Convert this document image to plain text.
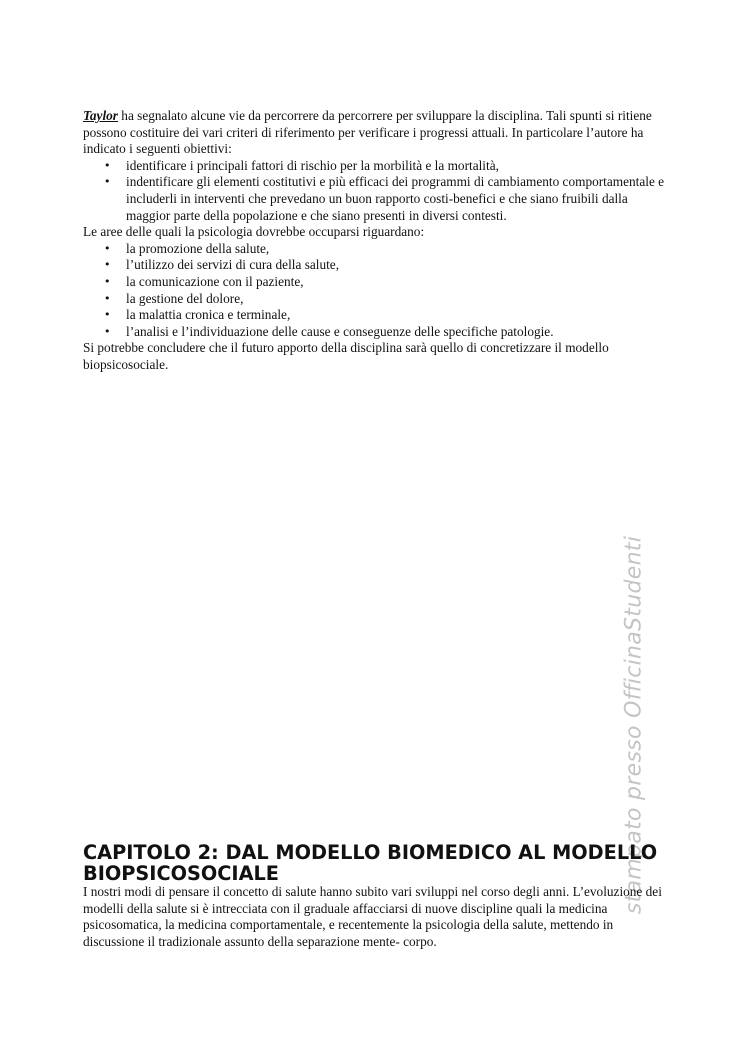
Taylor ha segnalato alcune vie da percorrere da percorrere per sviluppare la disciplina. Tali spunti si ritiene possono costituire dei vari criteri di riferimento per verificare i progressi attuali. In particolare l’autore ha indicato i seguenti obiettivi:

• identificare i principali fattori di rischio per la morbilità e la mortalità,
• indentificare gli elementi costitutivi e più efficaci dei programmi di cambiamento comportamentale e includerli in interventi che prevedano un buon rapporto costi-benefici e che siano fruibili dalla maggior parte della popolazione e che siano presenti in diversi contesti.

Le aree delle quali la psicologia dovrebbe occuparsi riguardano:

• la promozione della salute,
• l’utilizzo dei servizi di cura della salute,
• la comunicazione con il paziente,
• la gestione del dolore,
• la malattia cronica e terminale,
• l’analisi e l’individuazione delle cause e conseguenze delle specifiche patologie.

Si potrebbe concludere che il futuro apporto della disciplina sarà quello di concretizzare il modello biopsicosociale.

stampato presso OfficinaStudenti
CAPITOLO 2: DAL MODELLO BIOMEDICO AL MODELLO BIOPSICOSOCIALE

I nostri modi di pensare il concetto di salute hanno subito vari sviluppi nel corso degli anni. L’evoluzione dei modelli della salute si è intrecciata con il graduale affacciarsi di nuove discipline quali la medicina psicosomatica, la medicina comportamentale, e recentemente la psicologia della salute, mettendo in discussione il tradizionale assunto della separazione mente- corpo.
